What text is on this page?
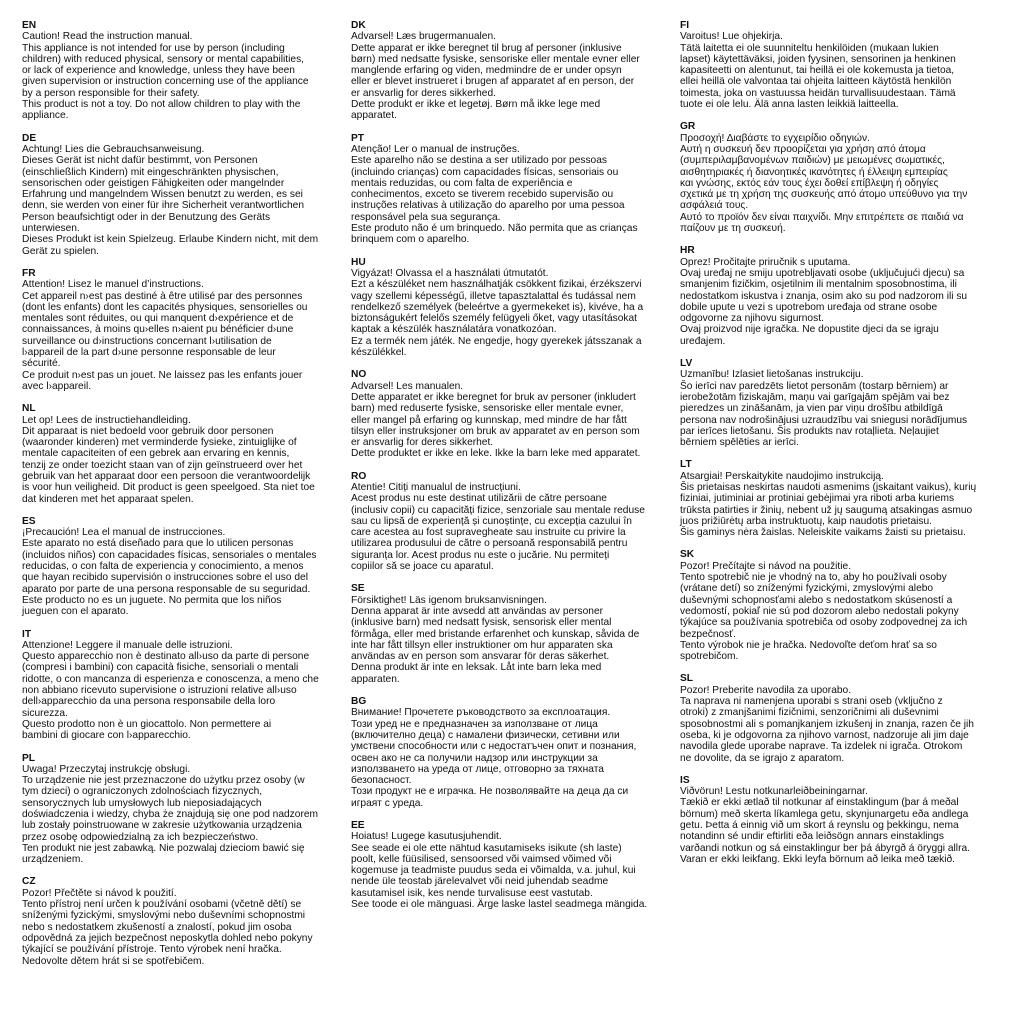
EN
Caution! Read the instruction manual.
This appliance is not intended for use by person (including
children) with reduced physical, sensory or mental capabilities,
or lack of experience and knowledge, unless they have been
given supervision or instruction concerning use of the appliance
by a person responsible for their safety.
This product is not a toy. Do not allow children to play with the
appliance.
DE
Achtung! Lies die Gebrauchsanweisung.
Dieses Gerät ist nicht dafür bestimmt, von Personen
(einschließlich Kindern) mit eingeschränkten physischen,
sensorischen oder geistigen Fähigkeiten oder mangelnder
Erfahrung und mangelndem Wissen benutzt zu werden, es sei
denn, sie werden von einer für ihre Sicherheit verantwortlichen
Person beaufsichtigt oder in der Benutzung des Geräts
unterwiesen.
Dieses Produkt ist kein Spielzeug. Erlaube Kindern nicht, mit dem
Gerät zu spielen.
FR
Attention! Lisez le manuel d’instructions.
Cet appareil n›est pas destiné à être utilisé par des personnes
(dont les enfants) dont les capacités physiques, sensorielles ou
mentales sont réduites, ou qui manquent d›expérience et de
connaissances, à moins qu›elles n›aient pu bénéficier d›une
surveillance ou d›instructions concernant l›utilisation de
l›appareil de la part d›une personne responsable de leur
sécurité.
Ce produit n›est pas un jouet. Ne laissez pas les enfants jouer
avec l›appareil.
NL
Let op! Lees de instructiehandleiding.
Dit apparaat is niet bedoeld voor gebruik door personen
(waaronder kinderen) met verminderde fysieke, zintuiglijke of
mentale capaciteiten of een gebrek aan ervaring en kennis,
tenzij ze onder toezicht staan van of zijn geïnstrueerd over het
gebruik van het apparaat door een persoon die verantwoordelijk
is voor hun veiligheid. Dit product is geen speelgoed. Sta niet toe
dat kinderen met het apparaat spelen.
ES
¡Precaución! Lea el manual de instrucciones.
Este aparato no está diseñado para que lo utilicen personas
(incluidos niños) con capacidades físicas, sensoriales o mentales
reducidas, o con falta de experiencia y conocimiento, a menos
que hayan recibido supervisión o instrucciones sobre el uso del
aparato por parte de una persona responsable de su seguridad.
Este producto no es un juguete. No permita que los niños
jueguen con el aparato.
IT
Attenzione! Leggere il manuale delle istruzioni.
Questo apparecchio non è destinato all›uso da parte di persone
(compresi i bambini) con capacità fisiche, sensoriali o mentali
ridotte, o con mancanza di esperienza e conoscenza, a meno che
non abbiano ricevuto supervisione o istruzioni relative all›uso
dell›apparecchio da una persona responsabile della loro
sicurezza.
Questo prodotto non è un giocattolo. Non permettere ai
bambini di giocare con l›apparecchio.
PL
Uwaga! Przeczytaj instrukcję obsługi.
To urządzenie nie jest przeznaczone do użytku przez osoby (w
tym dzieci) o ograniczonych zdolnościach fizycznych,
sensorycznych lub umysłowych lub nieposiadających
doświadczenia i wiedzy, chyba że znajdują się one pod nadzorem
lub zostały poinstruowane w zakresie użytkowania urządzenia
przez osobę odpowiedzialną za ich bezpieczeństwo.
Ten produkt nie jest zabawką. Nie pozwalaj dzieciom bawić się
urządzeniem.
CZ
Pozor! Přečtěte si návod k použití.
Tento přístroj není určen k používání osobami (včetně dětí) se
sníženými fyzickými, smyslovými nebo duševními schopnostmi
nebo s nedostatkem zkušeností a znalostí, pokud jim osoba
odpovědná za jejich bezpečnost neposkytla dohled nebo pokyny
týkající se používání přístroje. Tento výrobek není hračka.
Nedovolte dětem hrát si se spotřebičem.
DK
Advarsel! Læs brugermanualen.
Dette apparat er ikke beregnet til brug af personer (inklusive
børn) med nedsatte fysiske, sensoriske eller mentale evner eller
manglende erfaring og viden, medmindre de er under opsyn
eller er blevet instrueret i brugen af apparatet af en person, der
er ansvarlig for deres sikkerhed.
Dette produkt er ikke et legetøj. Børn må ikke lege med
apparatet.
PT
Atenção! Ler o manual de instruções.
Este aparelho não se destina a ser utilizado por pessoas
(incluindo crianças) com capacidades físicas, sensoriais ou
mentais reduzidas, ou com falta de experiência e
conhecimentos, exceto se tiverem recebido supervisão ou
instruções relativas à utilização do aparelho por uma pessoa
responsável pela sua segurança.
Este produto não é um brinquedo. Não permita que as crianças
brinquem com o aparelho.
HU
Vigyázat! Olvassa el a használati útmutatót.
Ezt a készüléket nem használhatják csökkent fizikai, érzékszervi
vagy szellemi képességű, illetve tapasztalattal és tudással nem
rendelkező személyek (beleértve a gyermekeket is), kivéve, ha a
biztonságukért felelős személy felügyeli őket, vagy utasításokat
kaptak a készülék használatára vonatkozóan.
Ez a termék nem játék. Ne engedje, hogy gyerekek játsszanak a
készülékkel.
NO
Advarsel! Les manualen.
Dette apparatet er ikke beregnet for bruk av personer (inkludert
barn) med reduserte fysiske, sensoriske eller mentale evner,
eller mangel på erfaring og kunnskap, med mindre de har fått
tilsyn eller instruksjoner om bruk av apparatet av en person som
er ansvarlig for deres sikkerhet.
Dette produktet er ikke en leke. Ikke la barn leke med apparatet.
RO
Atentie! Citiți manualul de instrucțiuni.
Acest produs nu este destinat utilizării de către persoane
(inclusiv copii) cu capacități fizice, senzoriale sau mentale reduse
sau cu lipsă de experiență și cunoștințe, cu excepția cazului în
care acestea au fost supravegheate sau instruite cu privire la
utilizarea produsului de către o persoană responsabilă pentru
siguranța lor. Acest produs nu este o jucărie. Nu permiteți
copiilor să se joace cu aparatul.
SE
Försiktighet! Läs igenom bruksanvisningen.
Denna apparat är inte avsedd att användas av personer
(inklusive barn) med nedsatt fysisk, sensorisk eller mental
förmåga, eller med bristande erfarenhet och kunskap, såvida de
inte har fått tillsyn eller instruktioner om hur apparaten ska
användas av en person som ansvarar för deras säkerhet.
Denna produkt är inte en leksak. Låt inte barn leka med
apparaten.
BG
Внимание! Прочетете ръководството за експлоатация.
Този уред не е предназначен за използване от лица
(включително деца) с намалени физически, сетивни или
умствени способности или с недостатъчен опит и познания,
освен ако не са получили надзор или инструкции за
използването на уреда от лице, отговорно за тяхната
безопасност.
Този продукт не е играчка. Не позволявайте на деца да си
играят с уреда.
EE
Hoiatus! Lugege kasutusjuhendit.
See seade ei ole ette nähtud kasutamiseks isikute (sh laste)
poolt, kelle füüsilised, sensoorsed või vaimsed võimed või
kogemuse ja teadmiste puudus seda ei võimalda, v.a. juhul, kui
nende üle teostab järelevalvet või neid juhendab seadme
kasutamisel isik, kes nende turvalisuse eest vastutab.
See toode ei ole mänguasi. Ärge laske lastel seadmega mängida.
FI
Varoitus! Lue ohjekirja.
Tätä laitetta ei ole suunniteltu henkilöiden (mukaan lukien
lapset) käytettäväksi, joiden fyysinen, sensorinen ja henkinen
kapasiteetti on alentunut, tai heillä ei ole kokemusta ja tietoa,
ellei heillä ole valvontaa tai ohjeita laitteen käytöstä henkilön
toimesta, joka on vastuussa heidän turvallisuudestaan. Tämä
tuote ei ole lelu. Älä anna lasten leikkiä laitteella.
GR
Προσοχή! Διαβάστε το εγχειρίδιο οδηγιών.
Αυτή η συσκευή δεν προορίζεται για χρήση από άτομα
(συμπεριλαμβανομένων παιδιών) με μειωμένες σωματικές,
αισθητηριακές ή διανοητικές ικανότητες ή έλλειψη εμπειρίας
και γνώσης, εκτός εάν τους έχει δοθεί επίβλεψη ή οδηγίες
σχετικά με τη χρήση της συσκευής από άτομο υπεύθυνο για την
ασφάλειά τους.
Αυτό το προϊόν δεν είναι παιχνίδι. Μην επιτρέπετε σε παιδιά να
παίζουν με τη συσκευή.
HR
Oprez! Pročitajte priručnik s uputama.
Ovaj uređaj ne smiju upotrebljavati osobe (uključujući djecu) sa
smanjenim fizičkim, osjetilnim ili mentalnim sposobnostima, ili
nedostatkom iskustva i znanja, osim ako su pod nadzorom ili su
dobile upute u vezi s upotrebom uređaja od strane osobe
odgovorne za njihovu sigurnost.
Ovaj proizvod nije igračka. Ne dopustite djeci da se igraju
uređajem.
LV
Uzmanību! Izlasiet lietošanas instrukciju.
Šo ierīci nav paredzēts lietot personām (tostarp bērniem) ar
ierobežotām fiziskajām, maņu vai garīgajām spējām vai bez
pieredzes un zināšanām, ja vien par viņu drošību atbildīgā
persona nav nodrošinājusi uzraudzību vai sniegusi norādījumus
par ierīces lietošanu. Šis produkts nav rotaļlieta. Neļaujiet
bērniem spēlēties ar ierīci.
LT
Atsargiai! Perskaitykite naudojimo instrukciją.
Šis prietaisas neskirtas naudoti asmenims (įskaitant vaikus), kurių
fiziniai, jutiminiai ar protiniai gebėjimai yra riboti arba kuriems
trūksta patirties ir žinių, nebent už jų saugumą atsakingas asmuo
juos prižiūrėtų arba instruktuotų, kaip naudotis prietaisu.
Šis gaminys nėra žaislas. Neleiskite vaikams žaisti su prietaisu.
SK
Pozor! Prečítajte si návod na použitie.
Tento spotrebič nie je vhodný na to, aby ho používali osoby
(vrátane detí) so zníženými fyzickými, zmyslovými alebo
duševnými schopnosťami alebo s nedostatkom skúseností a
vedomostí, pokiaľ nie sú pod dozorom alebo nedostali pokyny
týkajúce sa používania spotrebiča od osoby zodpovednej za ich
bezpečnosť.
Tento výrobok nie je hračka. Nedovoľte deťom hrať sa so
spotrebičom.
SL
Pozor! Preberite navodila za uporabo.
Ta naprava ni namenjena uporabi s strani oseb (vključno z
otroki) z zmanjšanimi fizičnimi, senzoričnimi ali duševnimi
sposobnostmi ali s pomanjkanjem izkušenj in znanja, razen če jih
oseba, ki je odgovorna za njihovo varnost, nadzoruje ali jim daje
navodila glede uporabe naprave. Ta izdelek ni igrača. Otrokom
ne dovolite, da se igrajo z aparatom.
IS
Viðvörun! Lestu notkunarleiðbeiningarnar.
Tækið er ekki ætlað til notkunar af einstaklingum (þar á meðal
börnum) með skerta líkamlega getu, skynjunargetu eða andlega
getu. Þetta á einnig við um skort á reynslu og þekkingu, nema
notandinn sé undir eftirliti eða leiðsögn annars einstaklings
varðandi notkun og sá einstaklingur ber þá ábyrgð á öryggi allra.
Varan er ekki leikfang. Ekki leyfa börnum að leika með tækið.
